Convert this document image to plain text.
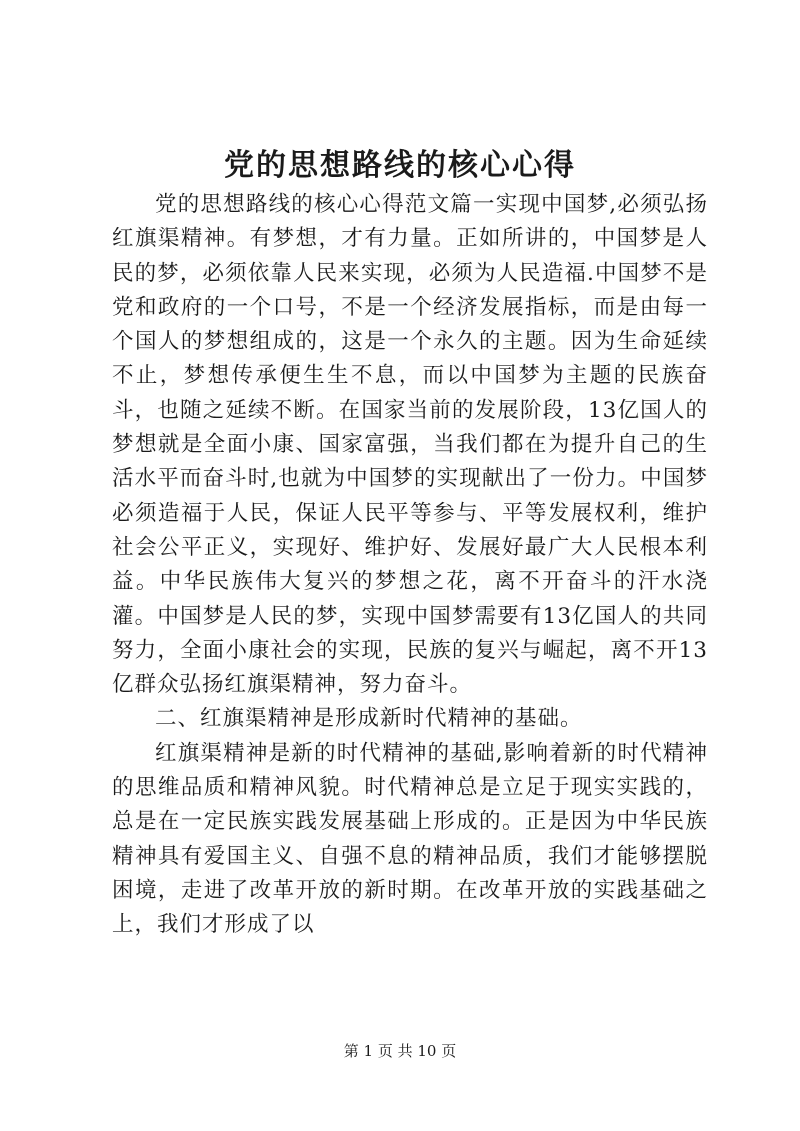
党的思想路线的核心心得

党的思想路线的核心心得范文篇一实现中国梦,必须弘扬红旗渠精神。有梦想，才有力量。正如所讲的，中国梦是人民的梦，必须依靠人民来实现，必须为人民造福.中国梦不是党和政府的一个口号，不是一个经济发展指标，而是由每一个国人的梦想组成的，这是一个永久的主题。因为生命延续不止，梦想传承便生生不息，而以中国梦为主题的民族奋斗，也随之延续不断。在国家当前的发展阶段，13亿国人的梦想就是全面小康、国家富强，当我们都在为提升自己的生活水平而奋斗时,也就为中国梦的实现献出了一份力。中国梦必须造福于人民，保证人民平等参与、平等发展权利，维护社会公平正义，实现好、维护好、发展好最广大人民根本利益。中华民族伟大复兴的梦想之花，离不开奋斗的汗水浇灌。中国梦是人民的梦，实现中国梦需要有13亿国人的共同努力，全面小康社会的实现，民族的复兴与崛起，离不开13亿群众弘扬红旗渠精神，努力奋斗。

二、红旗渠精神是形成新时代精神的基础。

红旗渠精神是新的时代精神的基础,影响着新的时代精神的思维品质和精神风貌。时代精神总是立足于现实实践的，总是在一定民族实践发展基础上形成的。正是因为中华民族精神具有爱国主义、自强不息的精神品质，我们才能够摆脱困境，走进了改革开放的新时期。在改革开放的实践基础之上，我们才形成了以

第 1 页 共 10 页
